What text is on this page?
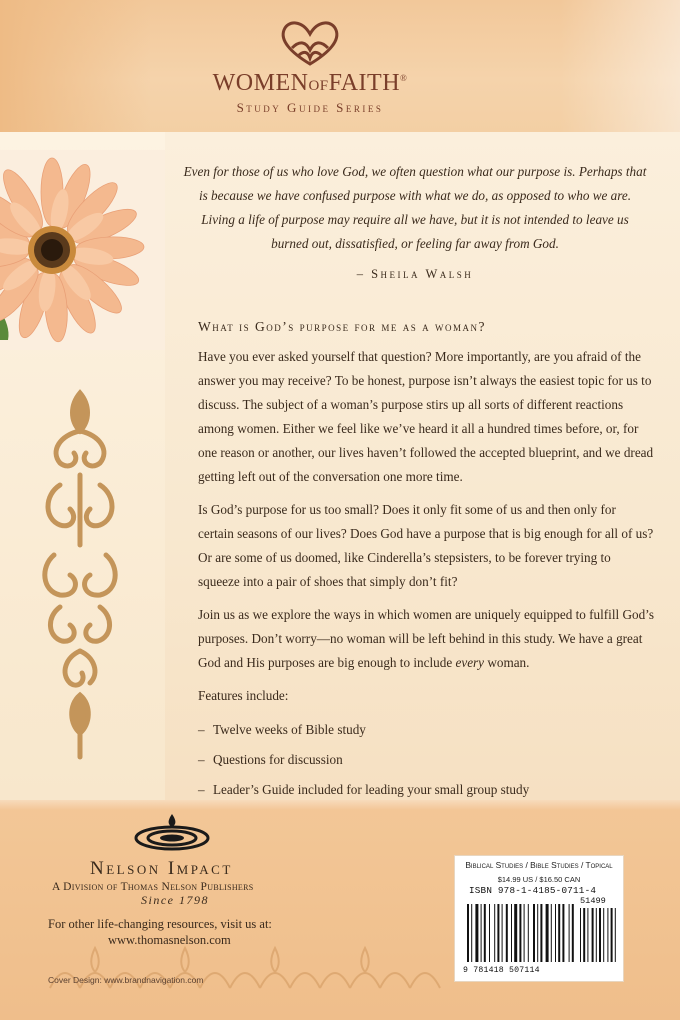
WOMENOFFAITH®
Study Guide Series

Even for those of us who love God, we often question what our purpose is. Perhaps that

is because we have confused purpose with what we do, as opposed to who we are.

Living a life of purpose may require all we have, but it is not intended to leave us

burned out, dissatisfied, or feeling far away from God.

– Sheila Walsh
What is God’s purpose for me as a woman?

Have you ever asked yourself that question? More importantly, are you afraid of the answer you may receive? To be honest, purpose isn’t always the easiest topic for us to discuss. The subject of a woman’s purpose stirs up all sorts of different reactions among women. Either we feel like we’ve heard it all a hundred times before, or, for one reason or another, our lives haven’t followed the accepted blueprint, and we dread getting left out of the conversation one more time.

Is God’s purpose for us too small? Does it only fit some of us and then only for certain seasons of our lives? Does God have a purpose that is big enough for all of us? Or are some of us doomed, like Cinderella’s stepsisters, to be forever trying to squeeze into a pair of shoes that simply don’t fit?

Join us as we explore the ways in which women are uniquely equipped to fulfill God’s purposes. Don’t worry—no woman will be left behind in this study. We have a great God and His purposes are big enough to include every woman.

Features include:

– Twelve weeks of Bible study
– Questions for discussion
– Leader’s Guide included for leading your small group study
Nelson Impact
A Division of Thomas Nelson Publishers
Since 1798
For other life-changing resources, visit us at:
www.thomasnelson.com
Cover Design: www.brandnavigation.com
Biblical Studies / Bible Studies / Topical
$14.99 US / $16.50 CAN
ISBN 978-1-4185-0711-4
51499
9 781418 507114
